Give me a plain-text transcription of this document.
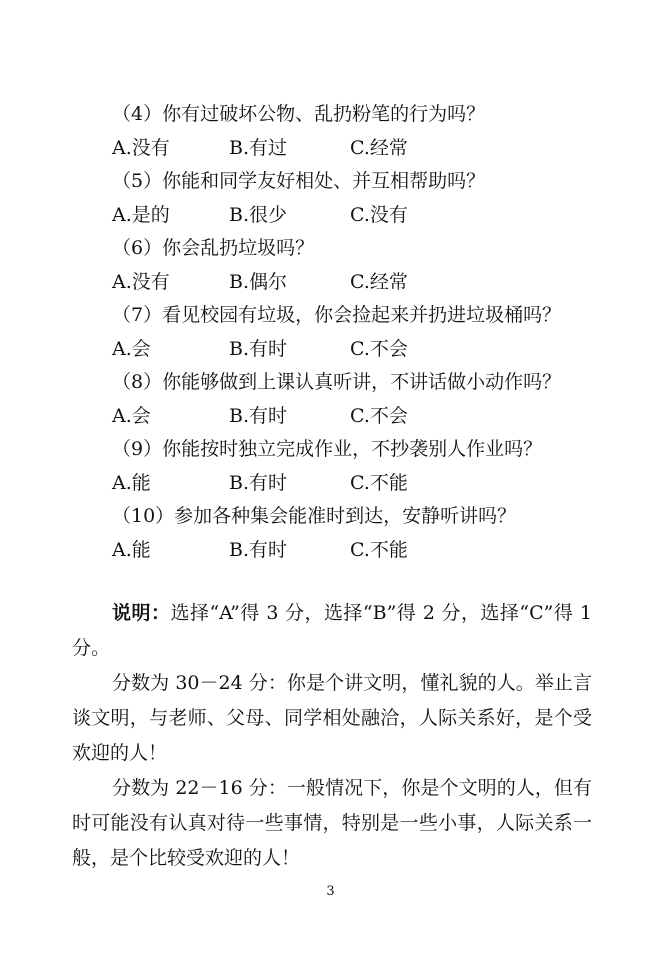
（4）你有过破坏公物、乱扔粉笔的行为吗？
A.没有	B.有过	C.经常
（5）你能和同学友好相处、并互相帮助吗？
A.是的	B.很少	C.没有
（6）你会乱扔垃圾吗？
A.没有	B.偶尔	C.经常
（7）看见校园有垃圾，你会捡起来并扔进垃圾桶吗？
A.会	B.有时	C.不会
（8）你能够做到上课认真听讲，不讲话做小动作吗？
A.会	B.有时	C.不会
（9）你能按时独立完成作业，不抄袭别人作业吗？
A.能	B.有时	C.不能
（10）参加各种集会能准时到达，安静听讲吗？
A.能	B.有时	C.不能
说明：选择“A”得 3 分，选择“B”得 2 分，选择“C”得 1 分。
分数为 30－24 分：你是个讲文明，懂礼貌的人。举止言谈文明，与老师、父母、同学相处融洽，人际关系好，是个受欢迎的人！
分数为 22－16 分：一般情况下，你是个文明的人，但有时可能没有认真对待一些事情，特别是一些小事，人际关系一般，是个比较受欢迎的人！
3
